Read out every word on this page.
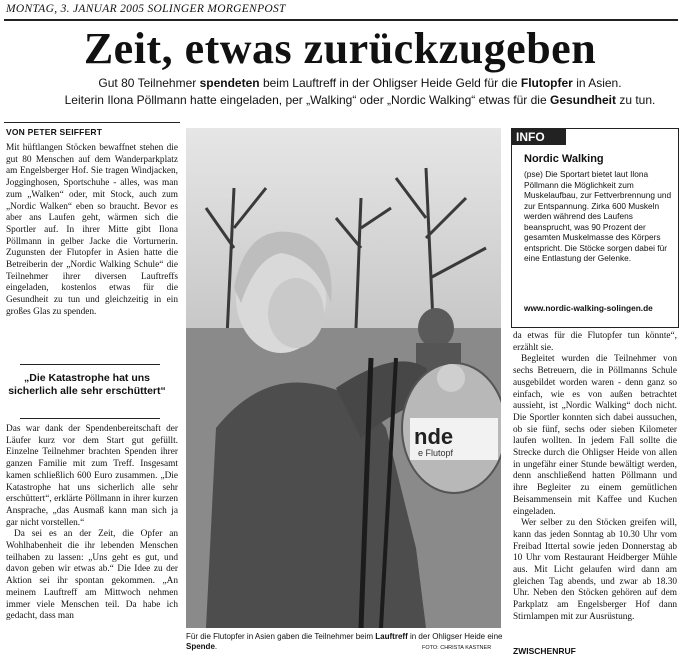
MONTAG, 3. JANUAR 2005 SOLINGER MORGENPOST
Zeit, etwas zurückzugeben
Gut 80 Teilnehmer spendeten beim Lauftreff in der Ohligser Heide Geld für die Flutopfer in Asien.
Leiterin Ilona Pöllmann hatte eingeladen, per „Walking“ oder „Nordic Walking“ etwas für die Gesundheit zu tun.
VON PETER SEIFFERT

Mit hüftlangen Stöcken bewaffnet stehen die gut 80 Menschen auf dem Wanderparkplatz am Engelsberger Hof. Sie tragen Windjacken, Jogginghosen, Sportschuhe - alles, was man zum „Walken“ oder, mit Stock, auch zum „Nordic Walken“ eben so braucht. Bevor es aber ans Laufen geht, wärmen sich die Sportler auf. In ihrer Mitte gibt Ilona Pöllmann in gelber Jacke die Vorturnerin. Zugunsten der Flutopfer in Asien hatte die Betreiberin der „Nordic Walking Schule“ die Teilnehmer ihrer diversen Lauftreffs eingeladen, kostenlos etwas für die Gesundheit zu tun und gleichzeitig in ein großes Glas zu spenden.

„Die Katastrophe hat uns sicherlich alle sehr erschüttert“

Das war dank der Spendenbereitschaft der Läufer kurz vor dem Start gut gefüllt. Einzelne Teilnehmer brachten Spenden ihrer ganzen Familie mit zum Treff. Insgesamt kamen schließlich 600 Euro zusammen. „Die Katastrophe hat uns sicherlich alle sehr erschüttert“, erklärte Pöllmann in ihrer kurzen Ansprache, „das Ausmaß kann man sich ja gar nicht vorstellen.“

Da sei es an der Zeit, die Opfer an Wohlhabenheit die ihr lebenden Menschen teilhaben zu lassen: „Uns geht es gut, und davon geben wir etwas ab.“ Die Idee zu der Aktion sei ihr spontan gekommen. „An meinem Lauftreff am Mittwoch nehmen immer viele Menschen teil. Da habe ich gedacht, dass man

nde
e Flutopf
Für die Flutopfer in Asien gaben die Teilnehmer beim Lauftreff in der Ohligser Heide eine Spende.	FOTO: CHRISTA KASTNER
INFO
Nordic Walking
(pse) Die Sportart bietet laut Ilona Pöllmann die Möglichkeit zum Muskelaufbau, zur Fettverbrennung und zur Entspannung. Zirka 600 Muskeln werden während des Laufens beansprucht, was 90 Prozent der gesamten Muskelmasse des Körpers entspricht. Die Stöcke sorgen dabei für eine Entlastung der Gelenke.
www.nordic-walking-solingen.de

da etwas für die Flutopfer tun könnte“, erzählt sie.

Begleitet wurden die Teilnehmer von sechs Betreuern, die in Pöllmanns Schule ausgebildet worden waren - denn ganz so einfach, wie es von außen betrachtet aussieht, ist „Nordic Walking“ doch nicht. Die Sportler konnten sich dabei aussuchen, ob sie fünf, sechs oder sieben Kilometer laufen wollten. In jedem Fall sollte die Strecke durch die Ohligser Heide von allen in ungefähr einer Stunde bewältigt werden, denn anschließend hatten Pöllmann und ihre Begleiter zu einem gemütlichen Beisammensein mit Kaffee und Kuchen eingeladen.

Wer selber zu den Stöcken greifen will, kann das jeden Sonntag ab 10.30 Uhr vom Freibad Ittertal sowie jeden Donnerstag ab 10 Uhr vom Restaurant Heidberger Mühle aus. Mit Licht gelaufen wird dann am gleichen Tag abends, und zwar ab 18.30 Uhr. Neben den Stöcken gehören auf dem Parkplatz am Engelsberger Hof dann Stirnlampen mit zur Ausrüstung.

ZWISCHENRUF
